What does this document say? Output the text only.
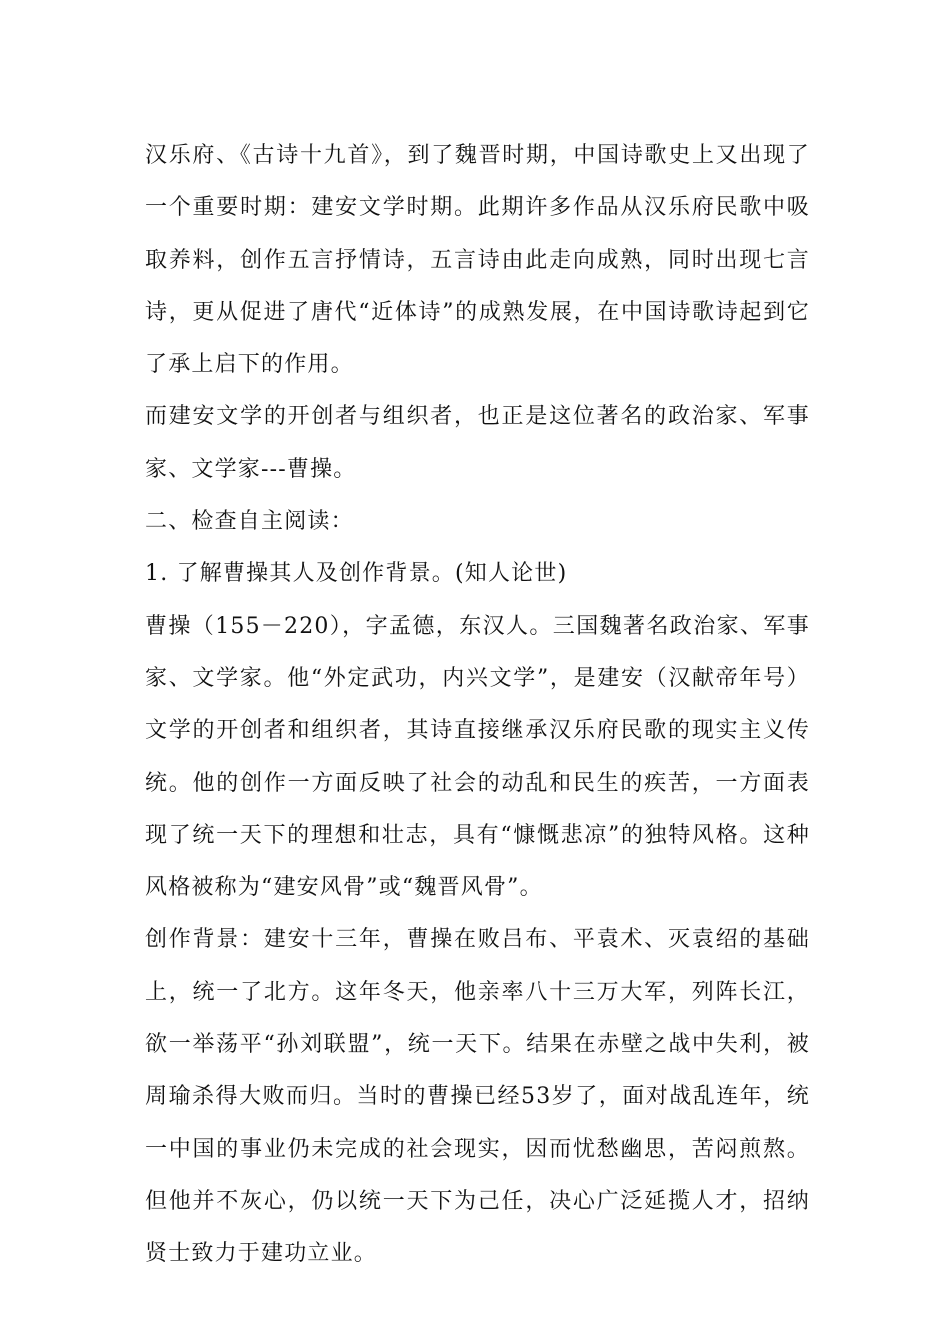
汉乐府、《古诗十九首》，到了魏晋时期，中国诗歌史上又出现了一个重要时期：建安文学时期。此期许多作品从汉乐府民歌中吸取养料，创作五言抒情诗，五言诗由此走向成熟，同时出现七言诗，更从促进了唐代“近体诗”的成熟发展，在中国诗歌诗起到它了承上启下的作用。

而建安文学的开创者与组织者，也正是这位著名的政治家、军事家、文学家---曹操。

二、检查自主阅读：

1. 了解曹操其人及创作背景。(知人论世)

曹操（155－220），字孟德，东汉人。三国魏著名政治家、军事家、文学家。他“外定武功，内兴文学”，是建安（汉献帝年号）文学的开创者和组织者，其诗直接继承汉乐府民歌的现实主义传统。他的创作一方面反映了社会的动乱和民生的疾苦，一方面表现了统一天下的理想和壮志，具有“慷慨悲凉”的独特风格。这种风格被称为“建安风骨”或“魏晋风骨”。

创作背景：建安十三年，曹操在败吕布、平袁术、灭袁绍的基础上，统一了北方。这年冬天，他亲率八十三万大军，列阵长江，欲一举荡平“孙刘联盟”，统一天下。结果在赤壁之战中失利，被周瑜杀得大败而归。当时的曹操已经53岁了，面对战乱连年，统一中国的事业仍未完成的社会现实，因而忧愁幽思，苦闷煎熬。但他并不灰心，仍以统一天下为己任，决心广泛延揽人才，招纳贤士致力于建功立业。
